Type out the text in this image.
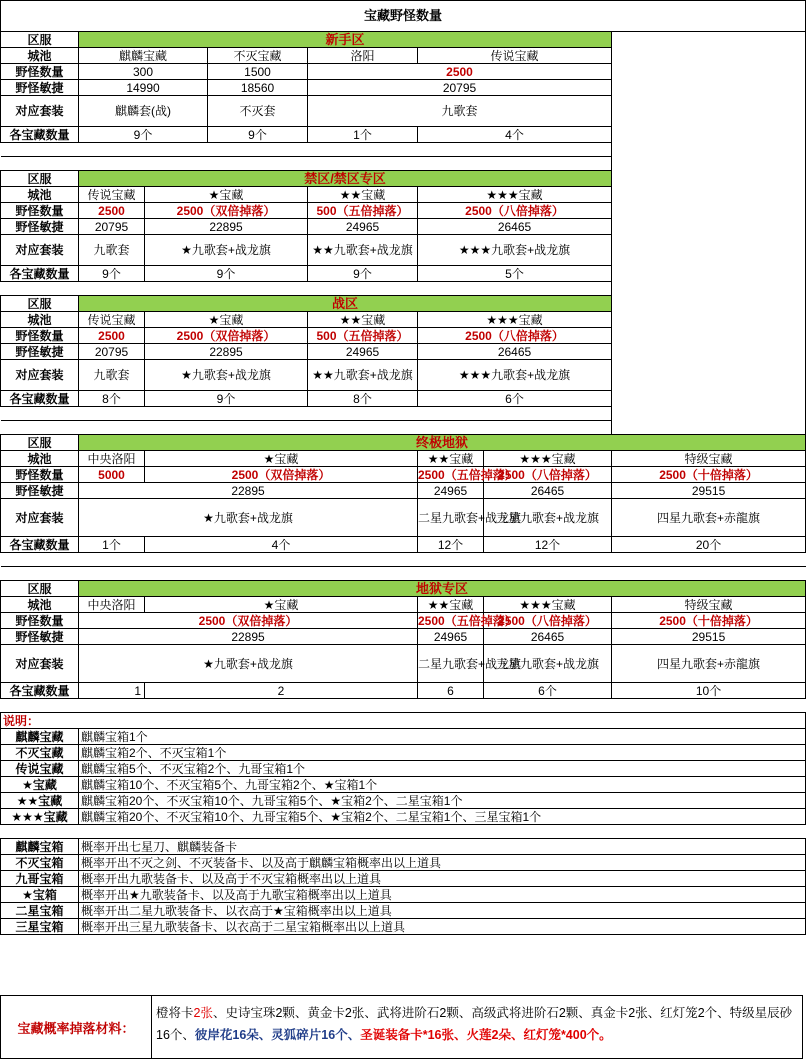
宝藏野怪数量							
区服	新手区						
城池	麒麟宝藏		不灭宝藏	洛阳	传说宝藏		
野怪数量	300		1500	2500			
野怪敏捷	14990		18560	20795			
对应套装	麒麟套(战)		不灭套	九歌套			
各宝藏数量	9个		9个	1个	4个		

区服	禁区/禁区专区						
城池	传说宝藏	★宝藏		★★宝藏	★★★宝藏		
野怪数量	2500	2500（双倍掉落）		500（五倍掉落）	2500（八倍掉落）		
野怪敏捷	20795	22895		24965	26465		
对应套装	九歌套	★九歌套+战龙旗		★★九歌套+战龙旗	★★★九歌套+战龙旗		
各宝藏数量	9个	9个		9个	5个		

区服	战区						
城池	传说宝藏	★宝藏		★★宝藏	★★★宝藏		
野怪数量	2500	2500（双倍掉落）		500（五倍掉落）	2500（八倍掉落）		
野怪敏捷	20795	22895		24965	26465		
对应套装	九歌套	★九歌套+战龙旗		★★九歌套+战龙旗	★★★九歌套+战龙旗		
各宝藏数量	8个	9个		8个	6个		

区服	终极地狱						
城池	中央洛阳	★宝藏			★★宝藏	★★★宝藏	特级宝藏
野怪数量	5000	2500（双倍掉落）			2500（五倍掉落）	2500（八倍掉落）	2500（十倍掉落）
野怪敏捷	22895				24965	26465	29515
对应套装	★九歌套+战龙旗				二星九歌套+战龙旗	三星九歌套+战龙旗	四星九歌套+赤龍旗
各宝藏数量	1个	4个			12个	12个	20个

区服	地狱专区						
城池	中央洛阳	★宝藏			★★宝藏	★★★宝藏	特级宝藏
野怪数量	2500（双倍掉落）				2500（五倍掉落）	2500（八倍掉落）	2500（十倍掉落）
野怪敏捷	22895				24965	26465	29515
对应套装	★九歌套+战龙旗				二星九歌套+战龙旗	三星九歌套+战龙旗	四星九歌套+赤龍旗
各宝藏数量	1	2			6	6个	10个

说明：							
麒麟宝藏	麒麟宝箱1个						
不灭宝藏	麒麟宝箱2个、不灭宝箱1个						
传说宝藏	麒麟宝箱5个、不灭宝箱2个、九哥宝箱1个						
★宝藏	麒麟宝箱10个、不灭宝箱5个、九哥宝箱2个、★宝箱1个						
★★宝藏	麒麟宝箱20个、不灭宝箱10个、九哥宝箱5个、★宝箱2个、二星宝箱1个						
★★★宝藏	麒麟宝箱20个、不灭宝箱10个、九哥宝箱5个、★宝箱2个、二星宝箱1个、三星宝箱1个						

麒麟宝箱	概率开出七星刀、麒麟装备卡						
不灭宝箱	概率开出不灭之剑、不灭装备卡、以及高于麒麟宝箱概率出以上道具						
九哥宝箱	概率开出九歌装备卡、以及高于不灭宝箱概率出以上道具						
★宝箱	概率开出★九歌装备卡、以及高于九歌宝箱概率出以上道具						
二星宝箱	概率开出二星九歌装备卡、以衣高于★宝箱概率出以上道具						
三星宝箱	概率开出三星九歌装备卡、以衣高于二星宝箱概率出以上道具						
宝藏概率掉落材料：
橙将卡2张、史诗宝珠2颗、黄金卡2张、武将进阶石2颗、高级武将进阶石2颗、真金卡2张、红灯笼2个、特级星辰砂16个、彼岸花16朵、灵狐碎片16个、圣诞装备卡*16张、火莲2朵、红灯笼*400个。
